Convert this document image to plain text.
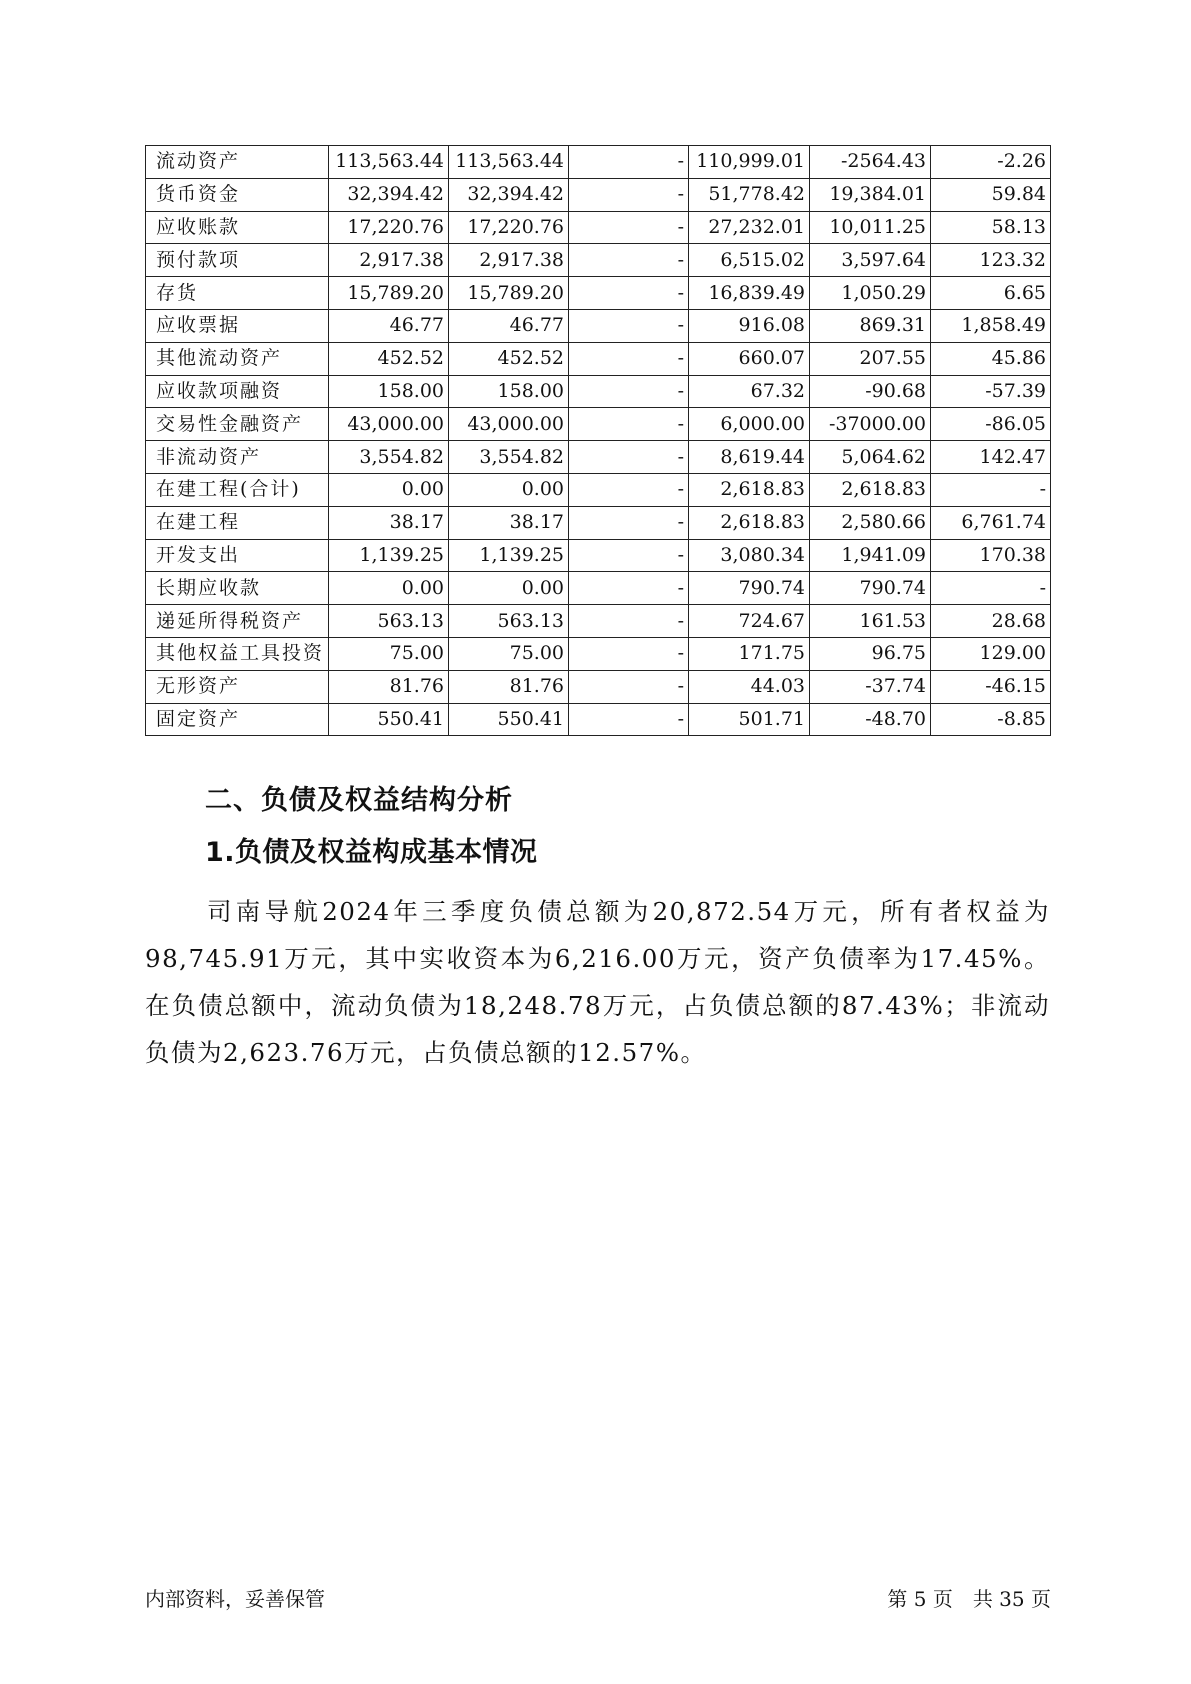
流动资产	113,563.44	113,563.44	-	110,999.01	-2564.43	-2.26
货币资金	32,394.42	32,394.42	-	51,778.42	19,384.01	59.84
应收账款	17,220.76	17,220.76	-	27,232.01	10,011.25	58.13
预付款项	2,917.38	2,917.38	-	6,515.02	3,597.64	123.32
存货	15,789.20	15,789.20	-	16,839.49	1,050.29	6.65
应收票据	46.77	46.77	-	916.08	869.31	1,858.49
其他流动资产	452.52	452.52	-	660.07	207.55	45.86
应收款项融资	158.00	158.00	-	67.32	-90.68	-57.39
交易性金融资产	43,000.00	43,000.00	-	6,000.00	-37000.00	-86.05
非流动资产	3,554.82	3,554.82	-	8,619.44	5,064.62	142.47
在建工程(合计)	0.00	0.00	-	2,618.83	2,618.83	-
在建工程	38.17	38.17	-	2,618.83	2,580.66	6,761.74
开发支出	1,139.25	1,139.25	-	3,080.34	1,941.09	170.38
长期应收款	0.00	0.00	-	790.74	790.74	-
递延所得税资产	563.13	563.13	-	724.67	161.53	28.68
其他权益工具投资	75.00	75.00	-	171.75	96.75	129.00
无形资产	81.76	81.76	-	44.03	-37.74	-46.15
固定资产	550.41	550.41	-	501.71	-48.70	-8.85
二、负债及权益结构分析
1.负债及权益构成基本情况

司南导航2024年三季度负债总额为20,872.54万元，所有者权益为98,745.91万元，其中实收资本为6,216.00万元，资产负债率为17.45%。在负债总额中，流动负债为18,248.78万元，占负债总额的87.43%；非流动负债为2,623.76万元，占负债总额的12.57%。

内部资料，妥善保管	第 5 页　共 35 页
